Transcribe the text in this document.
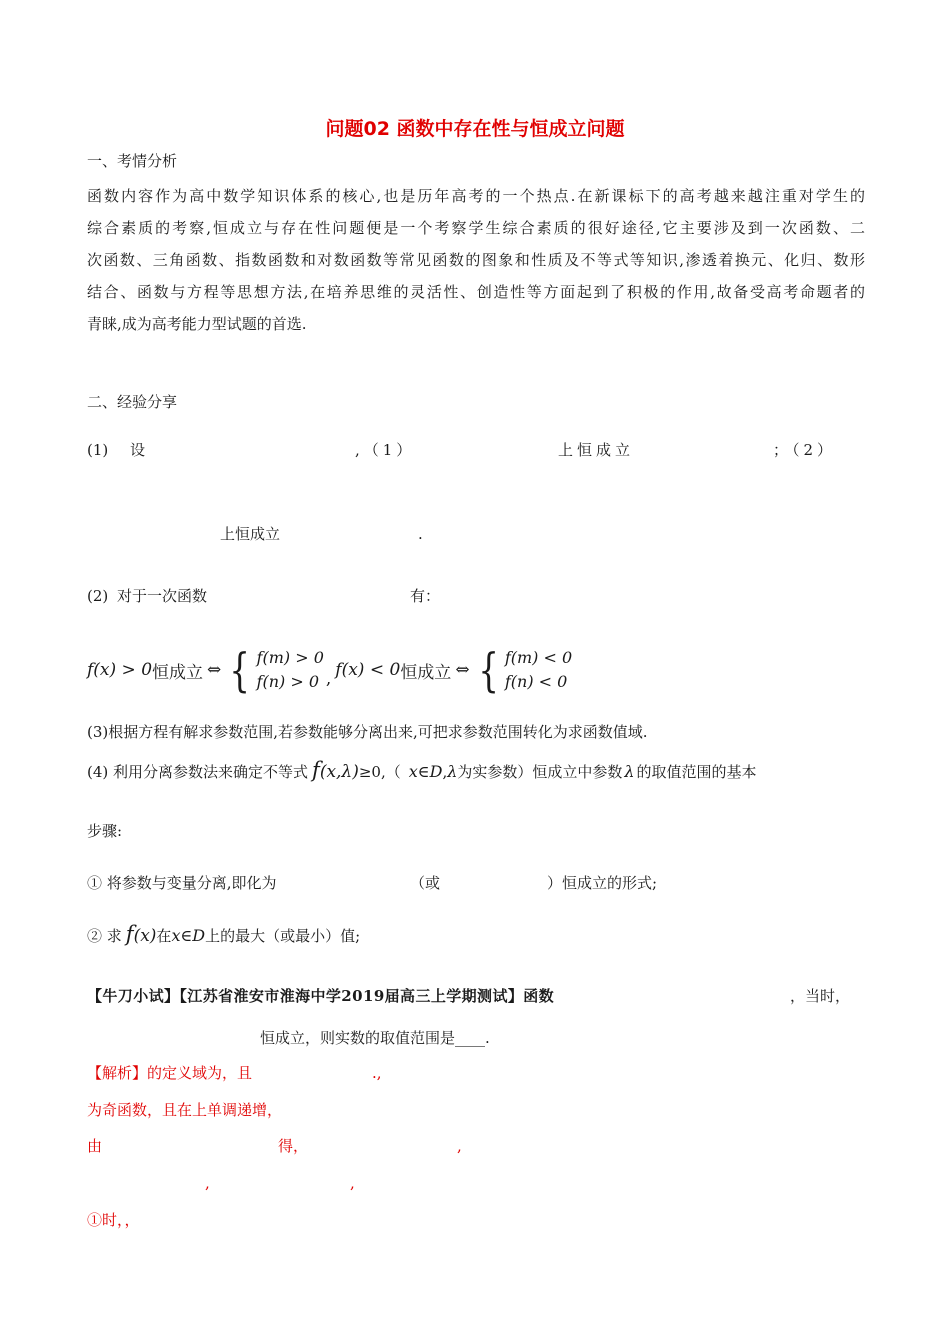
问题02 函数中存在性与恒成立问题
一、考情分析
函数内容作为高中数学知识体系的核心,也是历年高考的一个热点.在新课标下的高考越来越注重对学生的
综合素质的考察,恒成立与存在性问题便是一个考察学生综合素质的很好途径,它主要涉及到一次函数、二
次函数、三角函数、指数函数和对数函数等常见函数的图象和性质及不等式等知识,渗透着换元、化归、数形
结合、函数与方程等思想方法,在培养思维的灵活性、创造性等方面起到了积极的作用,故备受高考命题者的
青睐,成为高考能力型试题的首选.
二、经验分享
(1) 设	,（1）	上恒成立	；（2）
上恒成立	.
(2) 对于一次函数	有：
f(x) > 0 恒成立 ⇔ { f(m) > 0
f(n) > 0 , f(x) < 0 恒成立 ⇔ { f(m) < 0
f(n) < 0
(3)根据方程有解求参数范围,若参数能够分离出来,可把求参数范围转化为求函数值域.
(4) 利用分离参数法来确定不等式 f (x,λ) ≥0 ,（ x∈D , λ 为实参数）恒成立中参数 λ 的取值范围的基本
步骤:
① 将参数与变量分离,即化为	（或	）恒成立的形式;
② 求 f (x) 在 x∈D 上的最大（或最小）值;
【牛刀小试】【江苏省淮安市淮海中学2019届高三上学期测试】函数	，当时，
恒成立，则实数的取值范围是____.
【解析】的定义域为，且	.,
为奇函数，且在上单调递增，
由	得，	,
,	,
①时，，
